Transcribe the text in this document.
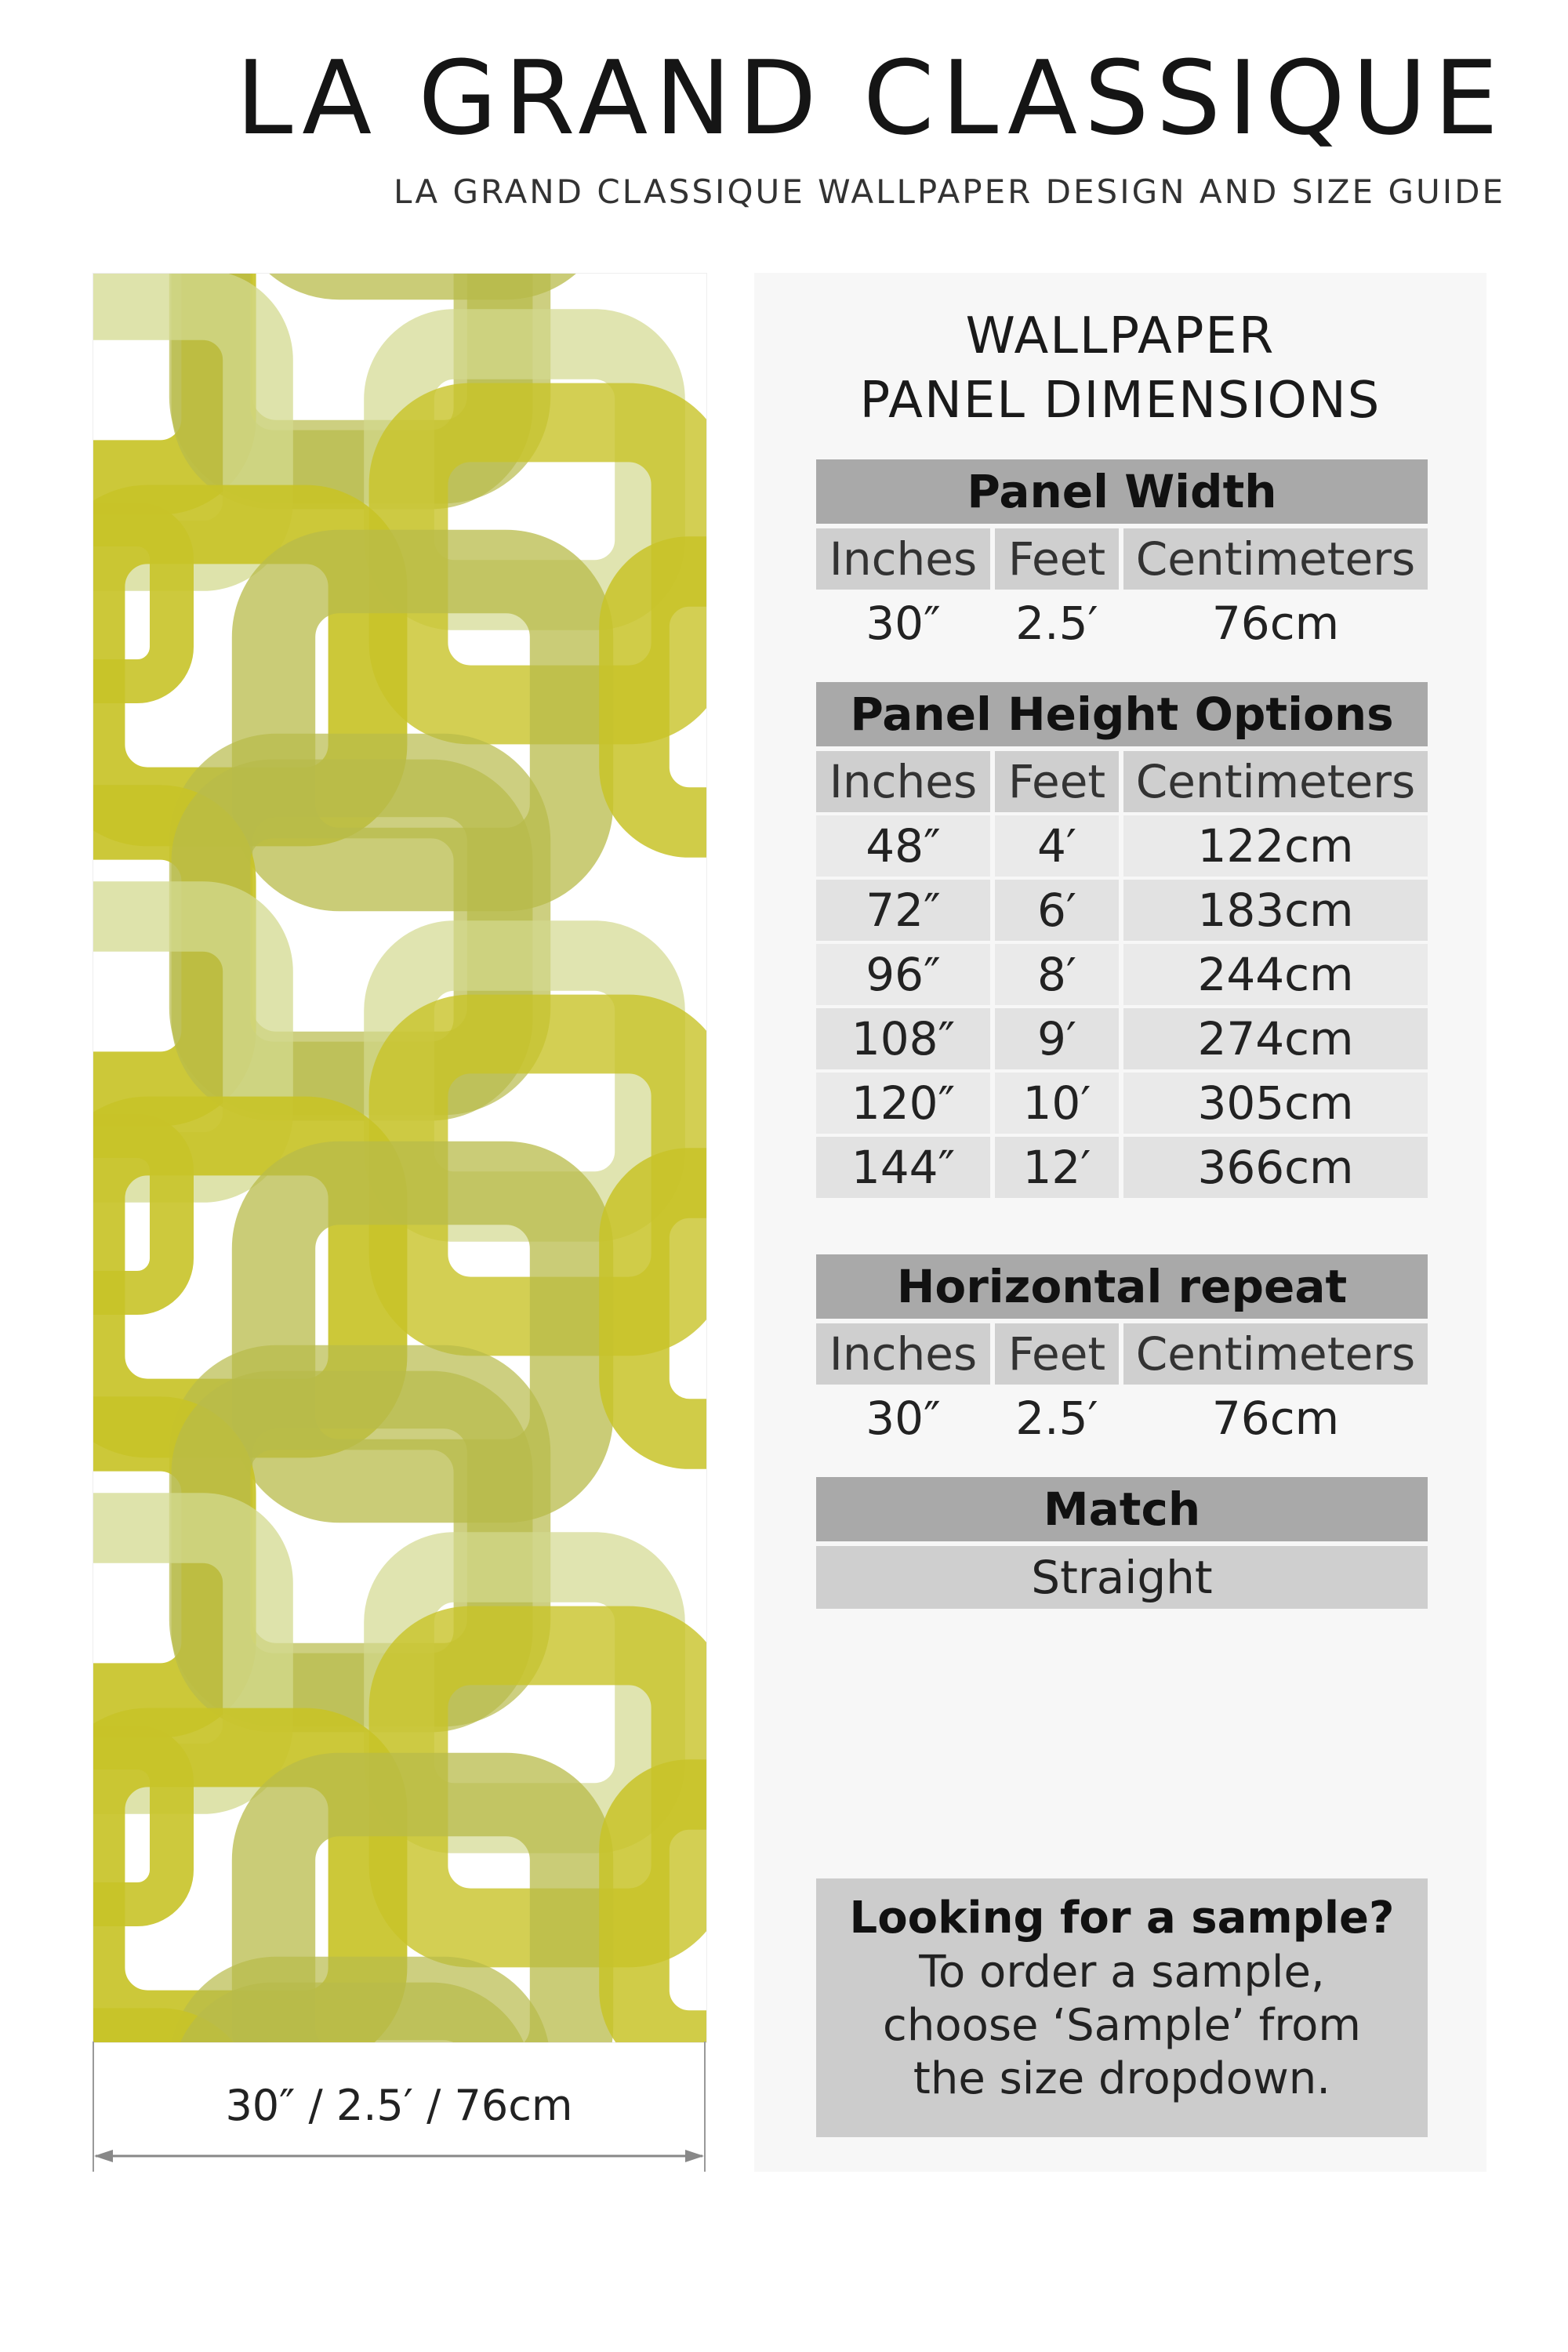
LA GRAND CLASSIQUE
LA GRAND CLASSIQUE WALLPAPER DESIGN AND SIZE GUIDE
30″ / 2.5′ / 76cm
WALLPAPER
PANEL DIMENSIONS
Panel Width
Inches Feet Centimeters
30″	2.5′	76cm
Panel Height Options
Inches Feet Centimeters
48″	4′	122cm
72″	6′	183cm
96″	8′	244cm
108″	9′	274cm
120″	10′	305cm
144″	12′	366cm
Horizontal repeat
Inches Feet Centimeters
30″	2.5′	76cm
Match
Straight
Looking for a sample?
To order a sample,
choose ‘Sample’ from
the size dropdown.
